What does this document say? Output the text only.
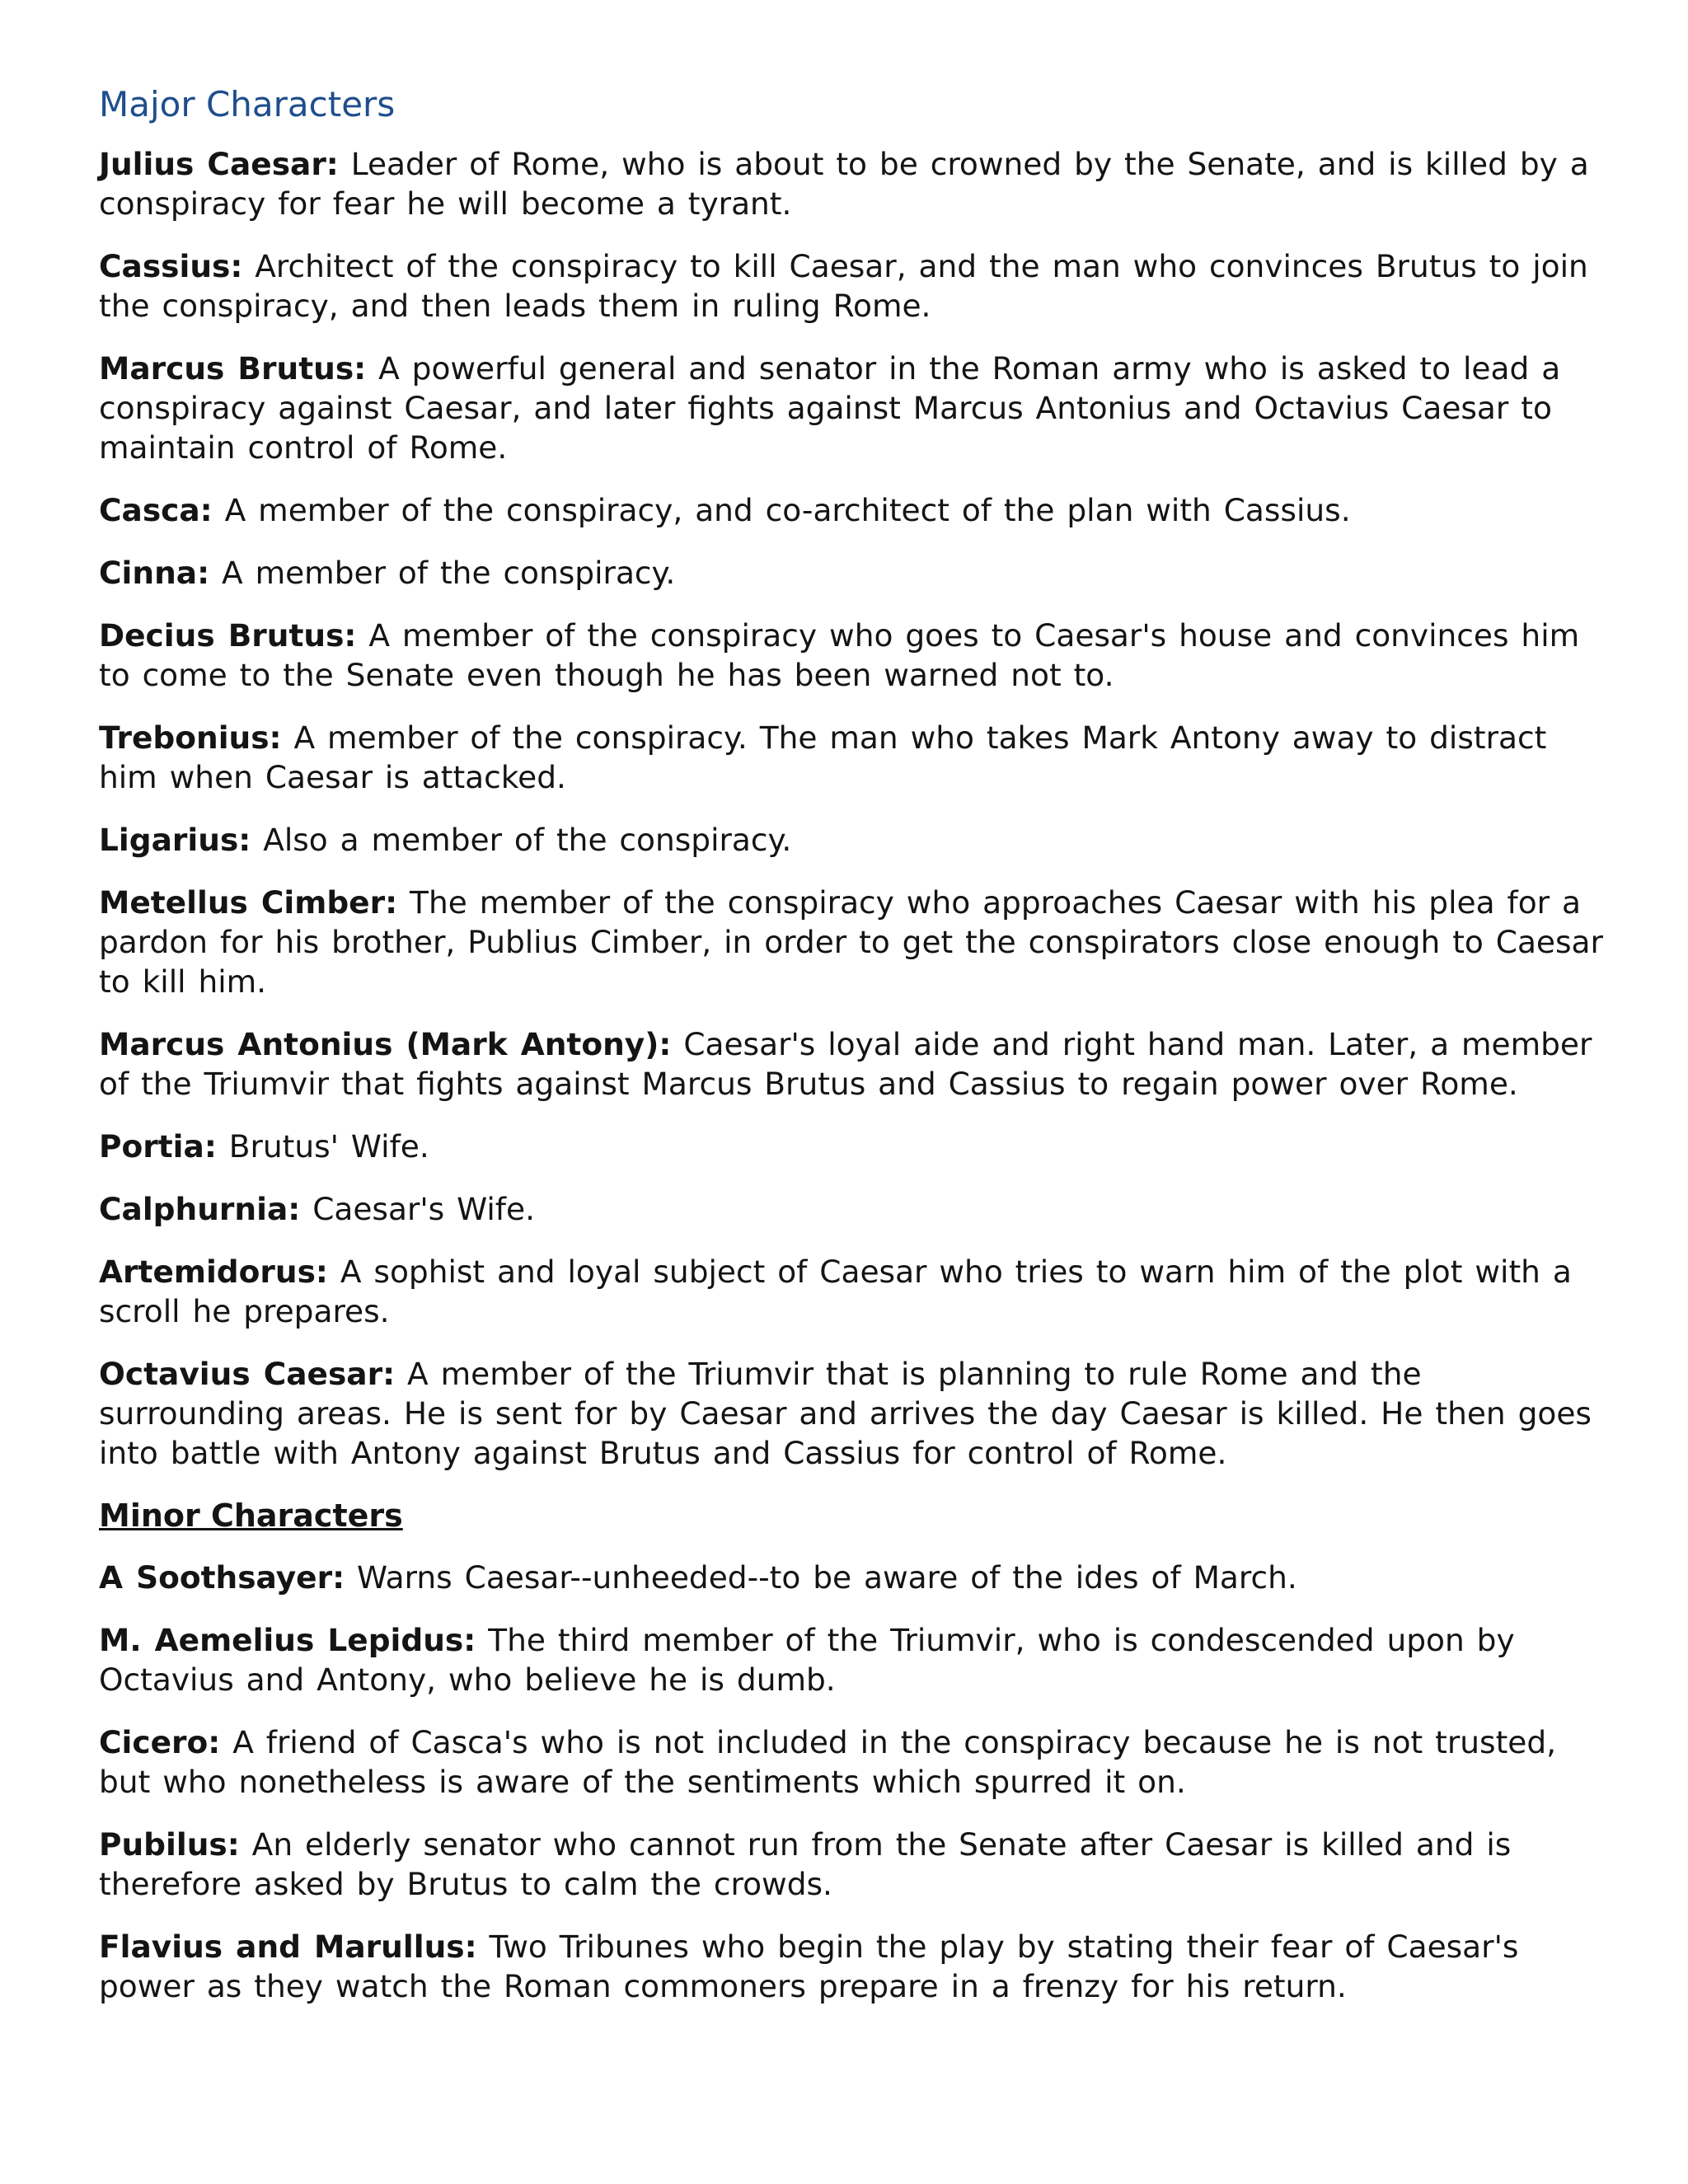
Major Characters

Julius Caesar: Leader of Rome, who is about to be crowned by the Senate, and is killed by a conspiracy for fear he will become a tyrant.

Cassius: Architect of the conspiracy to kill Caesar, and the man who convinces Brutus to join the conspiracy, and then leads them in ruling Rome.

Marcus Brutus: A powerful general and senator in the Roman army who is asked to lead a conspiracy against Caesar, and later fights against Marcus Antonius and Octavius Caesar to maintain control of Rome.

Casca: A member of the conspiracy, and co-architect of the plan with Cassius.

Cinna: A member of the conspiracy.

Decius Brutus: A member of the conspiracy who goes to Caesar's house and convinces him to come to the Senate even though he has been warned not to.

Trebonius: A member of the conspiracy. The man who takes Mark Antony away to distract him when Caesar is attacked.

Ligarius: Also a member of the conspiracy.

Metellus Cimber: The member of the conspiracy who approaches Caesar with his plea for a pardon for his brother, Publius Cimber, in order to get the conspirators close enough to Caesar to kill him.

Marcus Antonius (Mark Antony): Caesar's loyal aide and right hand man. Later, a member of the Triumvir that fights against Marcus Brutus and Cassius to regain power over Rome.

Portia: Brutus' Wife.

Calphurnia: Caesar's Wife.

Artemidorus: A sophist and loyal subject of Caesar who tries to warn him of the plot with a scroll he prepares.

Octavius Caesar: A member of the Triumvir that is planning to rule Rome and the surrounding areas. He is sent for by Caesar and arrives the day Caesar is killed. He then goes into battle with Antony against Brutus and Cassius for control of Rome.

Minor Characters

A Soothsayer: Warns Caesar--unheeded--to be aware of the ides of March.

M. Aemelius Lepidus: The third member of the Triumvir, who is condescended upon by Octavius and Antony, who believe he is dumb.

Cicero: A friend of Casca's who is not included in the conspiracy because he is not trusted, but who nonetheless is aware of the sentiments which spurred it on.

Pubilus: An elderly senator who cannot run from the Senate after Caesar is killed and is therefore asked by Brutus to calm the crowds.

Flavius and Marullus: Two Tribunes who begin the play by stating their fear of Caesar's power as they watch the Roman commoners prepare in a frenzy for his return.
